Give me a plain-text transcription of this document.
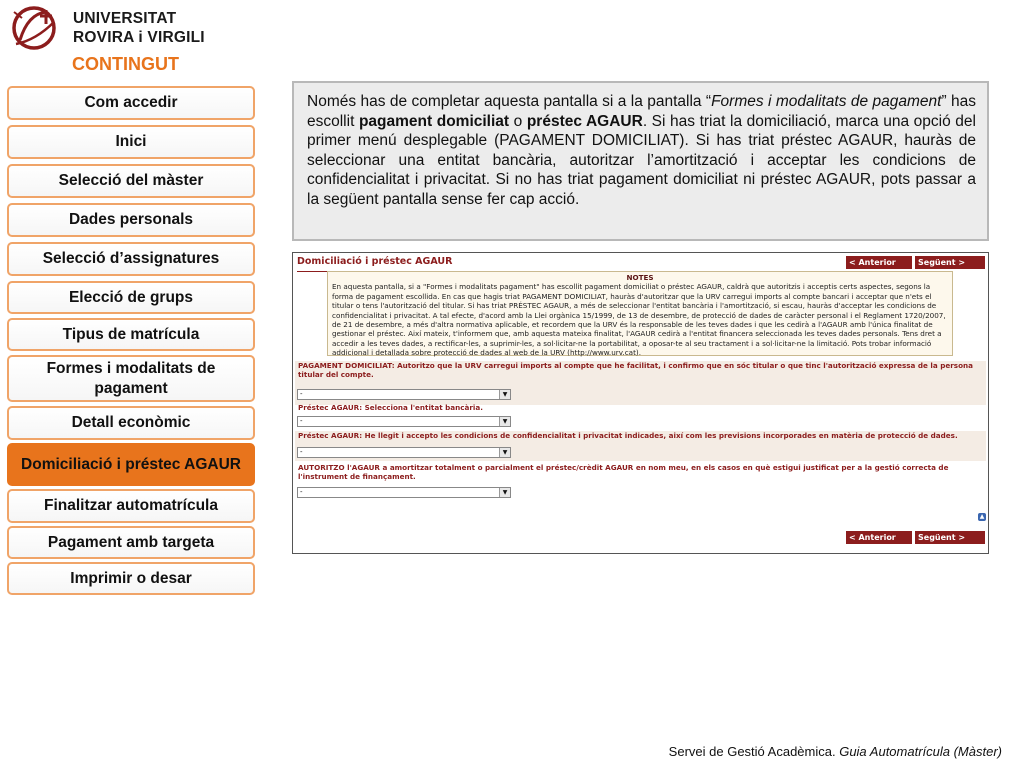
UNIVERSITAT
ROVIRA i VIRGILI
CONTINGUT
Com accedir
Inici
Selecció del màster
Dades personals
Selecció d’assignatures
Elecció de grups
Tipus de matrícula
Formes i modalitats de pagament
Detall econòmic
Domiciliació i préstec AGAUR
Finalitzar automatrícula
Pagament amb targeta
Imprimir o desar
Només has de completar aquesta pantalla si a la pantalla “Formes i modalitats de pagament” has escollit pagament domiciliat o préstec AGAUR. Si has triat la domiciliació, marca una opció del primer menú desplegable (PAGAMENT DOMICILIAT). Si has triat préstec AGAUR, hauràs de seleccionar una entitat bancària, autoritzar l’amortització i acceptar les condicions de confidencialitat i privacitat. Si no has triat pagament domiciliat ni préstec AGAUR, pots passar a la següent pantalla sense fer cap acció.
Domiciliació i préstec AGAUR	< Anterior	Següent >
NOTES
En aquesta pantalla, si a "Formes i modalitats pagament" has escollit pagament domiciliat o préstec AGAUR, caldrà que autoritzis i acceptis certs aspectes, segons la forma de pagament escollida. En cas que hagis triat PAGAMENT DOMICILIAT, hauràs d'autoritzar que la URV carregui imports al compte bancari i acceptar que n'ets el titular o tens l'autorització del titular. Si has triat PRÉSTEC AGAUR, a més de seleccionar l'entitat bancària i l'amortització, si escau, hauràs d'acceptar les condicions de confidencialitat i privacitat. A tal efecte, d'acord amb la Llei orgànica 15/1999, de 13 de desembre, de protecció de dades de caràcter personal i el Reglament 1720/2007, de 21 de desembre, a més d'altra normativa aplicable, et recordem que la URV és la responsable de les teves dades i que les cedirà a l'AGAUR amb l'única finalitat de gestionar el préstec. Així mateix, t'informem que, amb aquesta mateixa finalitat, l'AGAUR cedirà a l'entitat financera seleccionada les teves dades personals. Tens dret a accedir a les teves dades, a rectificar-les, a suprimir-les, a sol·licitar-ne la portabilitat, a oposar-te al seu tractament i a sol·licitar-ne la limitació. Pots trobar informació addicional i detallada sobre protecció de dades al web de la URV (http://www.urv.cat).
PAGAMENT DOMICILIAT: Autoritzo que la URV carregui imports al compte que he facilitat, i confirmo que en sóc titular o que tinc l'autorització expressa de la persona titular del compte.
-	▼
Préstec AGAUR: Selecciona l'entitat bancària.
-	▼
Préstec AGAUR: He llegit i accepto les condicions de confidencialitat i privacitat indicades, així com les previsions incorporades en matèria de protecció de dades.
-	▼
AUTORITZO l'AGAUR a amortitzar totalment o parcialment el préstec/crèdit AGAUR en nom meu, en els casos en què estigui justificat per a la gestió correcta de l'instrument de finançament.
-	▼
▲
< Anterior	Següent >
Servei de Gestió Acadèmica. Guia Automatrícula (Màster)
